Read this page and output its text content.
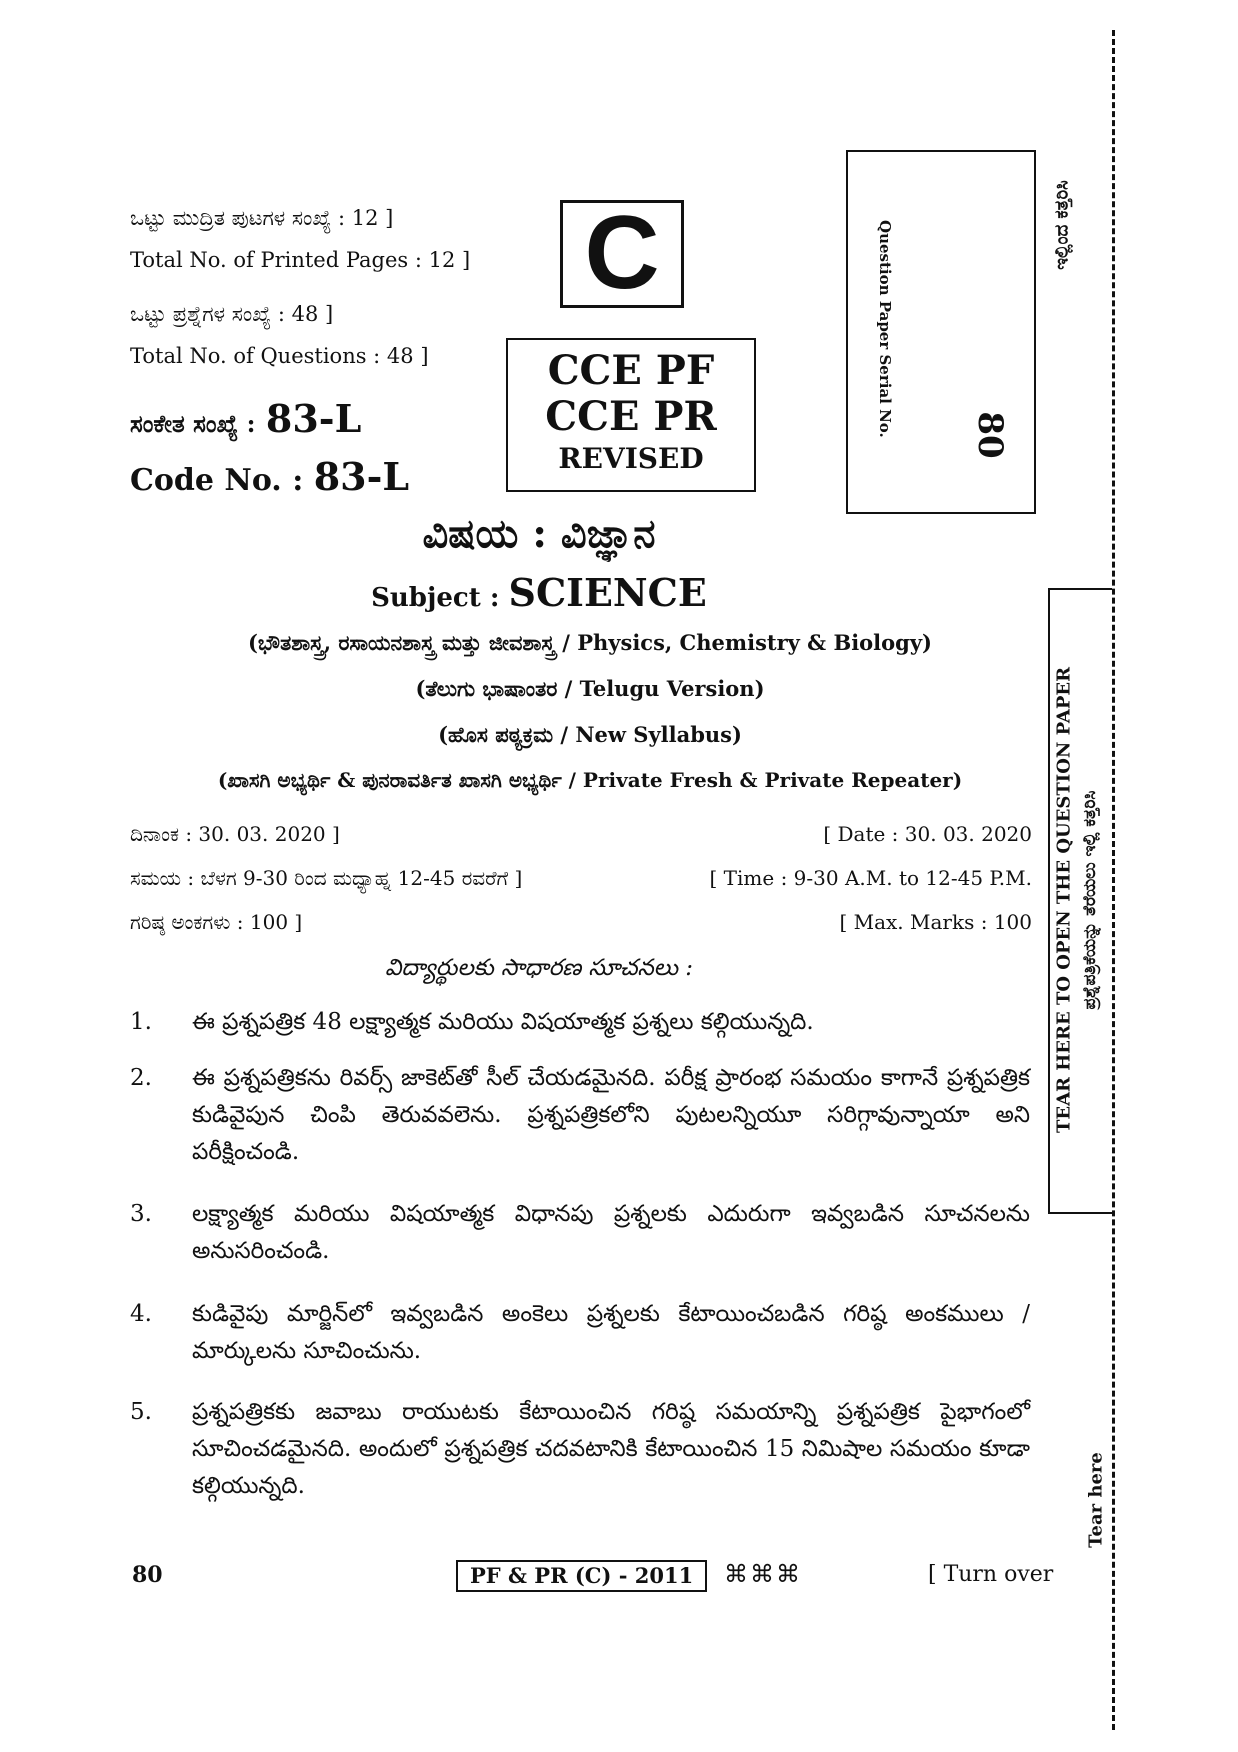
ಒಟ್ಟು ಮುದ್ರಿತ ಪುಟಗಳ ಸಂಖ್ಯೆ : 12 ]
Total No. of Printed Pages : 12 ]
ಒಟ್ಟು ಪ್ರಶ್ನೆಗಳ ಸಂಖ್ಯೆ : 48 ]
Total No. of Questions : 48 ]
ಸಂಕೇತ ಸಂಖ್ಯೆ : 83-L
Code No. : 83-L
C
CCE PF
CCE PR
REVISED
Question Paper Serial No. 80
ಇಲ್ಲಿಂದ ಕತ್ತರಿಸಿ
ವಿಷಯ : ವಿಜ್ಞಾನ
Subject : SCIENCE
(ಭೌತಶಾಸ್ತ್ರ, ರಸಾಯನಶಾಸ್ತ್ರ ಮತ್ತು ಜೀವಶಾಸ್ತ್ರ / Physics, Chemistry & Biology)
(ತೆಲುಗು ಭಾಷಾಂತರ / Telugu Version)
(ಹೊಸ ಪಠ್ಯಕ್ರಮ / New Syllabus)
(ಖಾಸಗಿ ಅಭ್ಯರ್ಥಿ & ಪುನರಾವರ್ತಿತ ಖಾಸಗಿ ಅಭ್ಯರ್ಥಿ / Private Fresh & Private Repeater)
ದಿನಾಂಕ : 30. 03. 2020 ]	[ Date : 30. 03. 2020
ಸಮಯ : ಬೆಳಗ 9-30 ರಿಂದ ಮಧ್ಯಾಹ್ನ 12-45 ರವರೆಗೆ ]	[ Time : 9-30 A.M. to 12-45 P.M.
ಗರಿಷ್ಠ ಅಂಕಗಳು : 100 ]	[ Max. Marks : 100
విద్యార్థులకు సాధారణ సూచనలు :
1.	ఈ ప్రశ్నపత్రిక 48 లక్ష్యాత్మక మరియు విషయాత్మక ప్రశ్నలు కల్గియున్నది.
2.	ఈ ప్రశ్నపత్రికను రివర్స్ జాకెట్‌తో సీల్ చేయడమైనది. పరీక్ష ప్రారంభ సమయం కాగానే ప్రశ్నపత్రిక కుడివైపున చింపి తెరువవలెను. ప్రశ్నపత్రికలోని పుటలన్నియూ సరిగ్గావున్నాయా అని పరీక్షించండి.
3.	లక్ష్యాత్మక మరియు విషయాత్మక విధానపు ప్రశ్నలకు ఎదురుగా ఇవ్వబడిన సూచనలను అనుసరించండి.
4.	కుడివైపు మార్జిన్‌లో ఇవ్వబడిన అంకెలు ప్రశ్నలకు కేటాయించబడిన గరిష్ఠ అంకములు / మార్కులను సూచించును.
5.	ప్రశ్నపత్రికకు జవాబు రాయుటకు కేటాయించిన గరిష్ఠ సమయాన్ని ప్రశ్నపత్రిక పైభాగంలో సూచించడమైనది. అందులో ప్రశ్నపత్రిక చదవటానికి కేటాయించిన 15 నిమిషాల సమయం కూడా కల్గియున్నది.
TEAR HERE TO OPEN THE QUESTION PAPER ಪ್ರಶ್ನೆಪತ್ರಿಕೆಯನ್ನು ತೆರೆಯಲು ಇಲ್ಲಿ ಕತ್ತರಿಸಿ
Tear here
80	PF & PR (C) - 2011	⌘⌘⌘	[ Turn over
